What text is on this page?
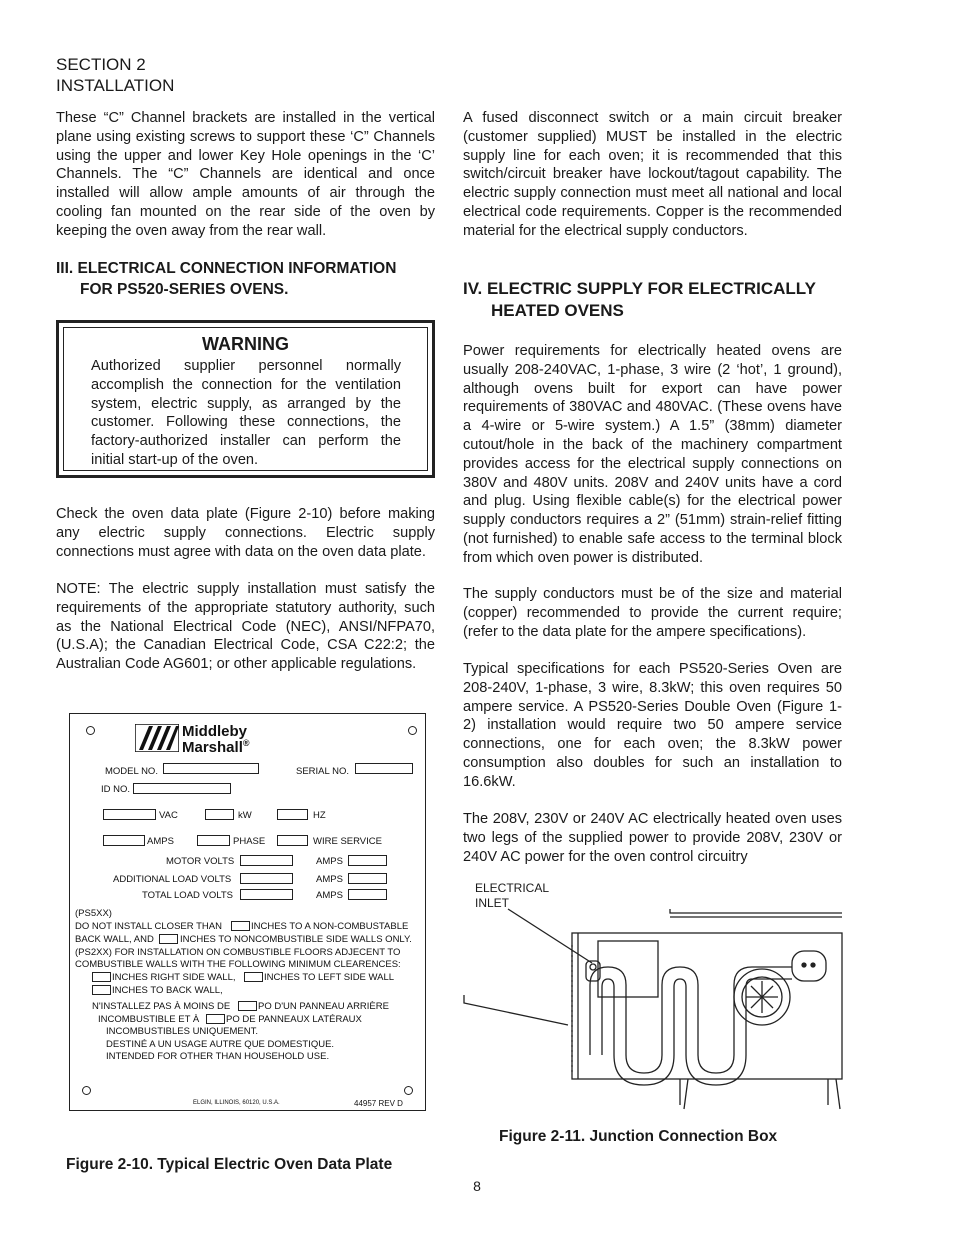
SECTION 2
INSTALLATION

These “C” Channel brackets are installed in the vertical plane using existing screws to support these ‘C” Channels using the upper and lower Key Hole openings in the ‘C’ Channels. The “C” Channels are identical and once installed will allow ample amounts of air through the cooling fan mounted on the rear side of the oven by keeping the oven away from the rear wall.

III. ELECTRICAL CONNECTION INFORMATION
FOR PS520-SERIES OVENS.
WARNING

Authorized supplier personnel normally accomplish the connection for the ventilation system, electric supply, as arranged by the customer. Following these connections, the factory-authorized installer can perform the initial start-up of the oven.

Check the oven data plate (Figure 2-10) before making any electric supply connections. Electric supply connections must agree with data on the oven data plate.

NOTE: The electric supply installation must satisfy the requirements of the appropriate statutory authority, such as the National Electrical Code (NEC), ANSI/NFPA70, (U.S.A); the Canadian Electrical Code, CSA C22:2; the Australian Code AG601; or other applicable regulations.

Middleby
Marshall®
MODEL NO.	SERIAL NO.
ID NO.
VAC	kW	HZ
AMPS	PHASE	WIRE SERVICE
MOTOR VOLTS	AMPS
ADDITIONAL LOAD VOLTS	AMPS
TOTAL LOAD VOLTS	AMPS
(PS5XX)
DO NOT INSTALL CLOSER THAN	INCHES TO A NON-COMBUSTABLE
BACK WALL, AND	INCHES TO NONCOMBUSTIBLE SIDE WALLS ONLY.
(PS2XX) FOR INSTALLATION ON COMBUSTIBLE FLOORS ADJECENT TO
COMBUSTIBLE WALLS WITH THE FOLLOWING MINIMUM CLEARENCES:
INCHES RIGHT SIDE WALL,	INCHES TO LEFT SIDE WALL
INCHES TO BACK WALL,
N'INSTALLEZ PAS À MOINS DE	PO D'UN PANNEAU ARRIÈRE
INCOMBUSTIBLE ET À	PO DE PANNEAUX LATÉRAUX
INCOMBUSTIBLES UNIQUEMENT.
DESTINÉ A UN USAGE AUTRE QUE DOMESTIQUE.
INTENDED FOR OTHER THAN HOUSEHOLD USE.
ELGIN, ILLINOIS, 60120, U.S.A.	44957 REV D
Figure 2-10. Typical Electric Oven Data Plate

A fused disconnect switch or a main circuit breaker (customer supplied) MUST be installed in the electric supply line for each oven; it is recommended that this switch/circuit breaker have lockout/tagout capability. The electric supply connection must meet all national and local electrical code requirements. Copper is the recommended material for the electrical supply conductors.

IV. ELECTRIC SUPPLY FOR ELECTRICALLY
HEATED OVENS

Power requirements for electrically heated ovens are usually 208-240VAC, 1-phase, 3 wire (2 ‘hot’, 1 ground), although ovens built for export can have power requirements of 380VAC and 480VAC. (These ovens have a 4-wire or 5-wire system.) A 1.5” (38mm) diameter cutout/hole in the back of the machinery compartment provides access for the electrical supply connections on 380V and 480V units. 208V and 240V units have a cord and plug. Using flexible cable(s) for the electrical power supply conductors requires a 2” (51mm) strain-relief fitting (not furnished) to enable safe access to the terminal block from which oven power is distributed.

The supply conductors must be of the size and material (copper) recommended to provide the current require; (refer to the data plate for the ampere specifications).

Typical specifications for each PS520-Series Oven are 208-240V, 1-phase, 3 wire, 8.3kW; this oven requires 50 ampere service. A PS520-Series Double Oven (Figure 1-2) installation would require two 50 ampere service connections, one for each oven; the 8.3kW power consumption also doubles for such an installation to 16.6kW.

The 208V, 230V or 240V AC electrically heated oven uses two legs of the supplied power to provide 208V, 230V or 240V AC power for the oven control circuitry

ELECTRICAL
INLET
Figure 2-11. Junction Connection Box
8
